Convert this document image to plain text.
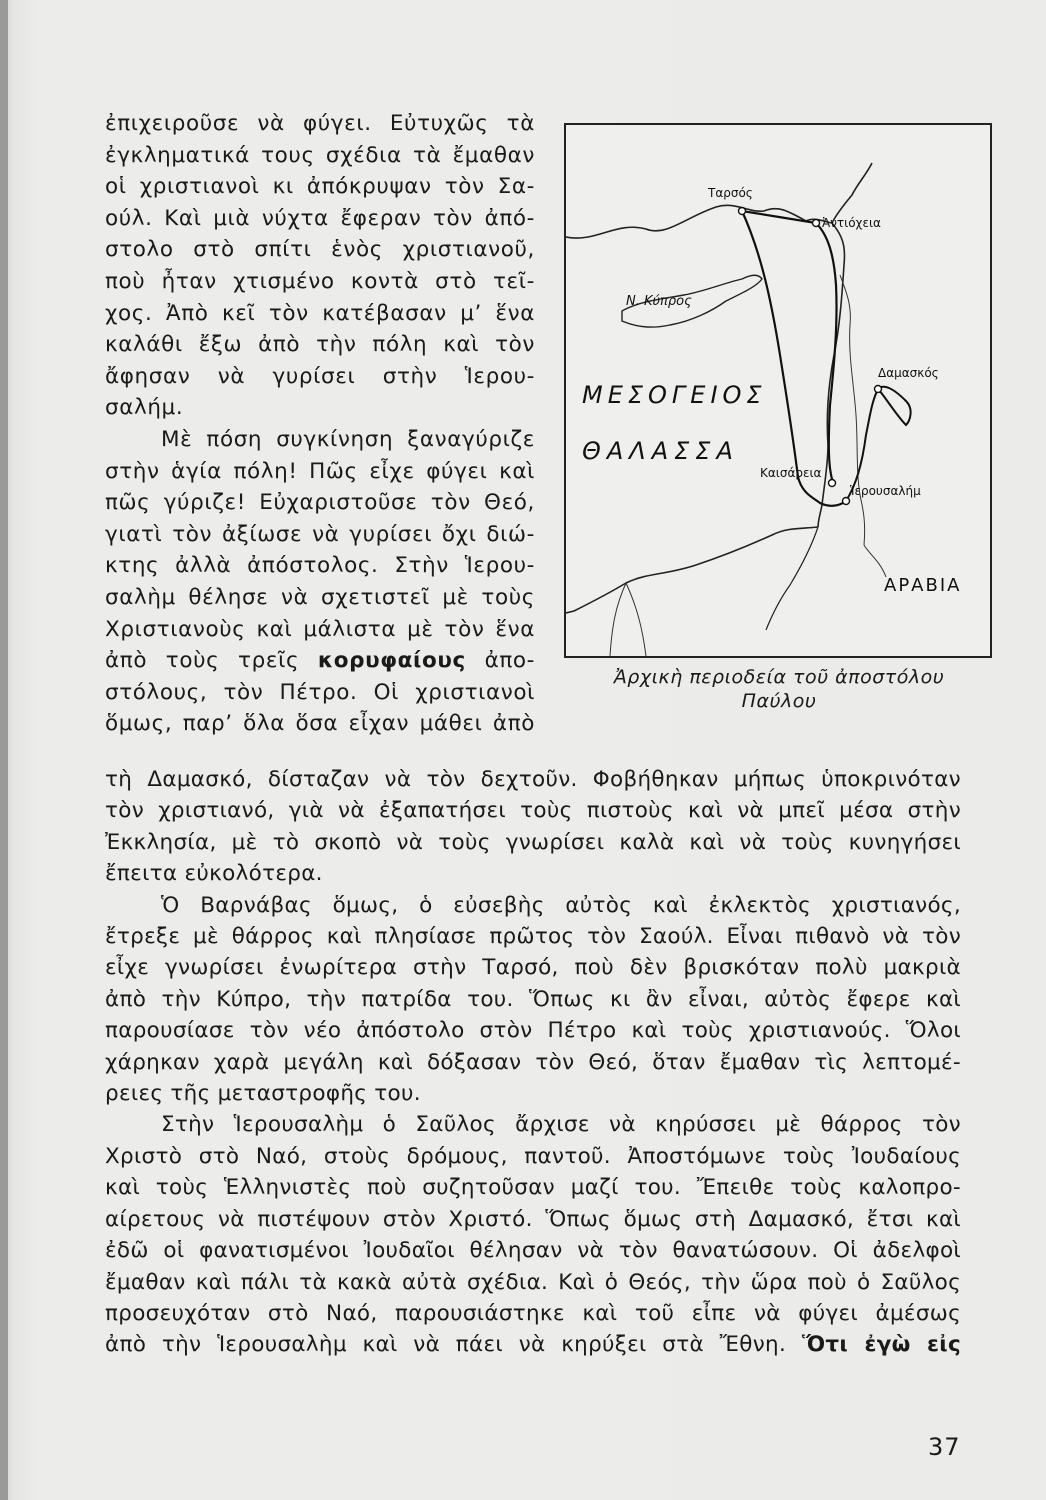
ἐπιχειροῦσε νὰ φύγει. Εὐτυχῶς τὰ
ἐγκληματικά τους σχέδια τὰ ἔμαθαν
οἱ χριστιανοὶ κι ἀπόκρυψαν τὸν Σα-
ούλ. Καὶ μιὰ νύχτα ἔφεραν τὸν ἀπό-
στολο στὸ σπίτι ἑνὸς χριστιανοῦ,
ποὺ ἦταν χτισμένο κοντὰ στὸ τεῖ-
χος. Ἀπὸ κεῖ τὸν κατέβασαν μ’ ἕνα
καλάθι ἔξω ἀπὸ τὴν πόλη καὶ τὸν
ἄφησαν νὰ γυρίσει στὴν Ἱερου-
σαλήμ.

Μὲ πόση συγκίνηση ξαναγύριζε
στὴν ἁγία πόλη! Πῶς εἶχε φύγει καὶ
πῶς γύριζε! Εὐχαριστοῦσε τὸν Θεό,
γιατὶ τὸν ἀξίωσε νὰ γυρίσει ὄχι διώ-
κτης ἀλλὰ ἀπόστολος. Στὴν Ἱερου-
σαλὴμ θέλησε νὰ σχετιστεῖ μὲ τοὺς
Χριστιανοὺς καὶ μάλιστα μὲ τὸν ἕνα
ἀπὸ τοὺς τρεῖς κορυφαίους ἀπο-
στόλους, τὸν Πέτρο. Οἱ χριστιανοὶ
ὅμως, παρ’ ὅλα ὅσα εἶχαν μάθει ἀπὸ

Ταρσός
Ἀντιόχεια
Ν. Κύπρος
Δαμασκός
ΜΕΣΟΓΕΙΟΣ
ΘΑΛΑΣΣΑ
Καισάρεια
Ἱερουσαλήμ
ΑΡΑΒΙΑ
Ἀρχικὴ περιοδεία τοῦ ἀποστόλου Παύλου

τὴ Δαμασκό, δίσταζαν νὰ τὸν δεχτοῦν. Φοβήθηκαν μήπως ὑποκρινόταν
τὸν χριστιανό, γιὰ νὰ ἐξαπατήσει τοὺς πιστοὺς καὶ νὰ μπεῖ μέσα στὴν
Ἐκκλησία, μὲ τὸ σκοπὸ νὰ τοὺς γνωρίσει καλὰ καὶ νὰ τοὺς κυνηγήσει
ἔπειτα εὐκολότερα.

Ὁ Βαρνάβας ὅμως, ὁ εὐσεβὴς αὐτὸς καὶ ἐκλεκτὸς χριστιανός,
ἔτρεξε μὲ θάρρος καὶ πλησίασε πρῶτος τὸν Σαούλ. Εἶναι πιθανὸ νὰ τὸν
εἶχε γνωρίσει ἐνωρίτερα στὴν Ταρσό, ποὺ δὲν βρισκόταν πολὺ μακριὰ
ἀπὸ τὴν Κύπρο, τὴν πατρίδα του. Ὅπως κι ἂν εἶναι, αὐτὸς ἔφερε καὶ
παρουσίασε τὸν νέο ἀπόστολο στὸν Πέτρο καὶ τοὺς χριστιανούς. Ὅλοι
χάρηκαν χαρὰ μεγάλη καὶ δόξασαν τὸν Θεό, ὅταν ἔμαθαν τὶς λεπτομέ-
ρειες τῆς μεταστροφῆς του.

Στὴν Ἱερουσαλὴμ ὁ Σαῦλος ἄρχισε νὰ κηρύσσει μὲ θάρρος τὸν
Χριστὸ στὸ Ναό, στοὺς δρόμους, παντοῦ. Ἀποστόμωνε τοὺς Ἰουδαίους
καὶ τοὺς Ἑλληνιστὲς ποὺ συζητοῦσαν μαζί του. Ἔπειθε τοὺς καλοπρο-
αίρετους νὰ πιστέψουν στὸν Χριστό. Ὅπως ὅμως στὴ Δαμασκό, ἔτσι καὶ
ἐδῶ οἱ φανατισμένοι Ἰουδαῖοι θέλησαν νὰ τὸν θανατώσουν. Οἱ ἀδελφοὶ
ἔμαθαν καὶ πάλι τὰ κακὰ αὐτὰ σχέδια. Καὶ ὁ Θεός, τὴν ὥρα ποὺ ὁ Σαῦλος
προσευχόταν στὸ Ναό, παρουσιάστηκε καὶ τοῦ εἶπε νὰ φύγει ἀμέσως
ἀπὸ τὴν Ἱερουσαλὴμ καὶ νὰ πάει νὰ κηρύξει στὰ Ἔθνη. Ὅτι ἐγὼ εἰς

37
